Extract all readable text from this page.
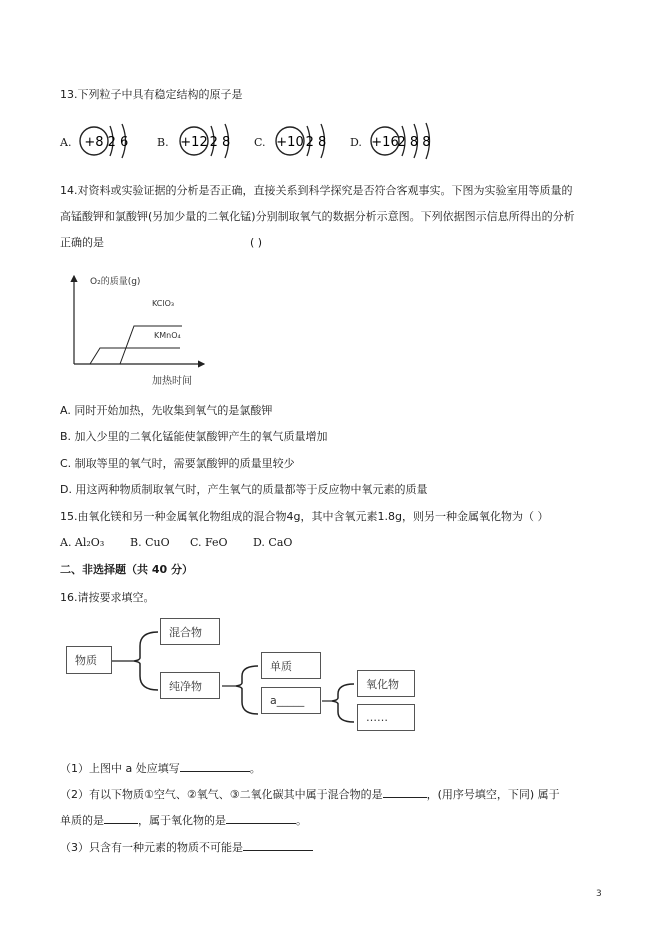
13.下列粒子中具有稳定结构的原子是
A. +8 2 6	B. +12 2 8 C. +10 2 8 D. +16
2 8 8
14.对资料或实验证据的分析是否正确，直接关系到科学探究是否符合客观事实。下图为实验室用等质量的
高锰酸钾和氯酸钾(另加少量的二氧化锰)分别制取氧气的数据分析示意图。下列依据图示信息所得出的分析
正确的是	( )
O₂的质量(g)
加热时间
KClO₃
KMnO₄
A. 同时开始加热，先收集到氧气的是氯酸钾
B. 加入少里的二氧化锰能使氯酸钾产生的氧气质量增加
C. 制取等里的氧气时，需要氯酸钾的质量里较少
D. 用这两种物质制取氧气时，产生氧气的质量都等于反应物中氧元素的质量
15.由氧化镁和另一种金属氧化物组成的混合物4g，其中含氧元素1.8g，则另一种金属氧化物为（ ）
A. Al₂O₃ B. CuO C. FeO D. CaO
二、非选择题（共 40 分）
16.请按要求填空。
物质
混合物
纯净物
单质
a_____
氧化物
……
（1）上图中 a 处应填写	。
（2）有以下物质①空气、②氧气、③二氧化碳其中属于混合物的是	，(用序号填空，下同) 属于
单质的是	，属于氧化物的是	。
（3）只含有一种元素的物质不可能是
3
